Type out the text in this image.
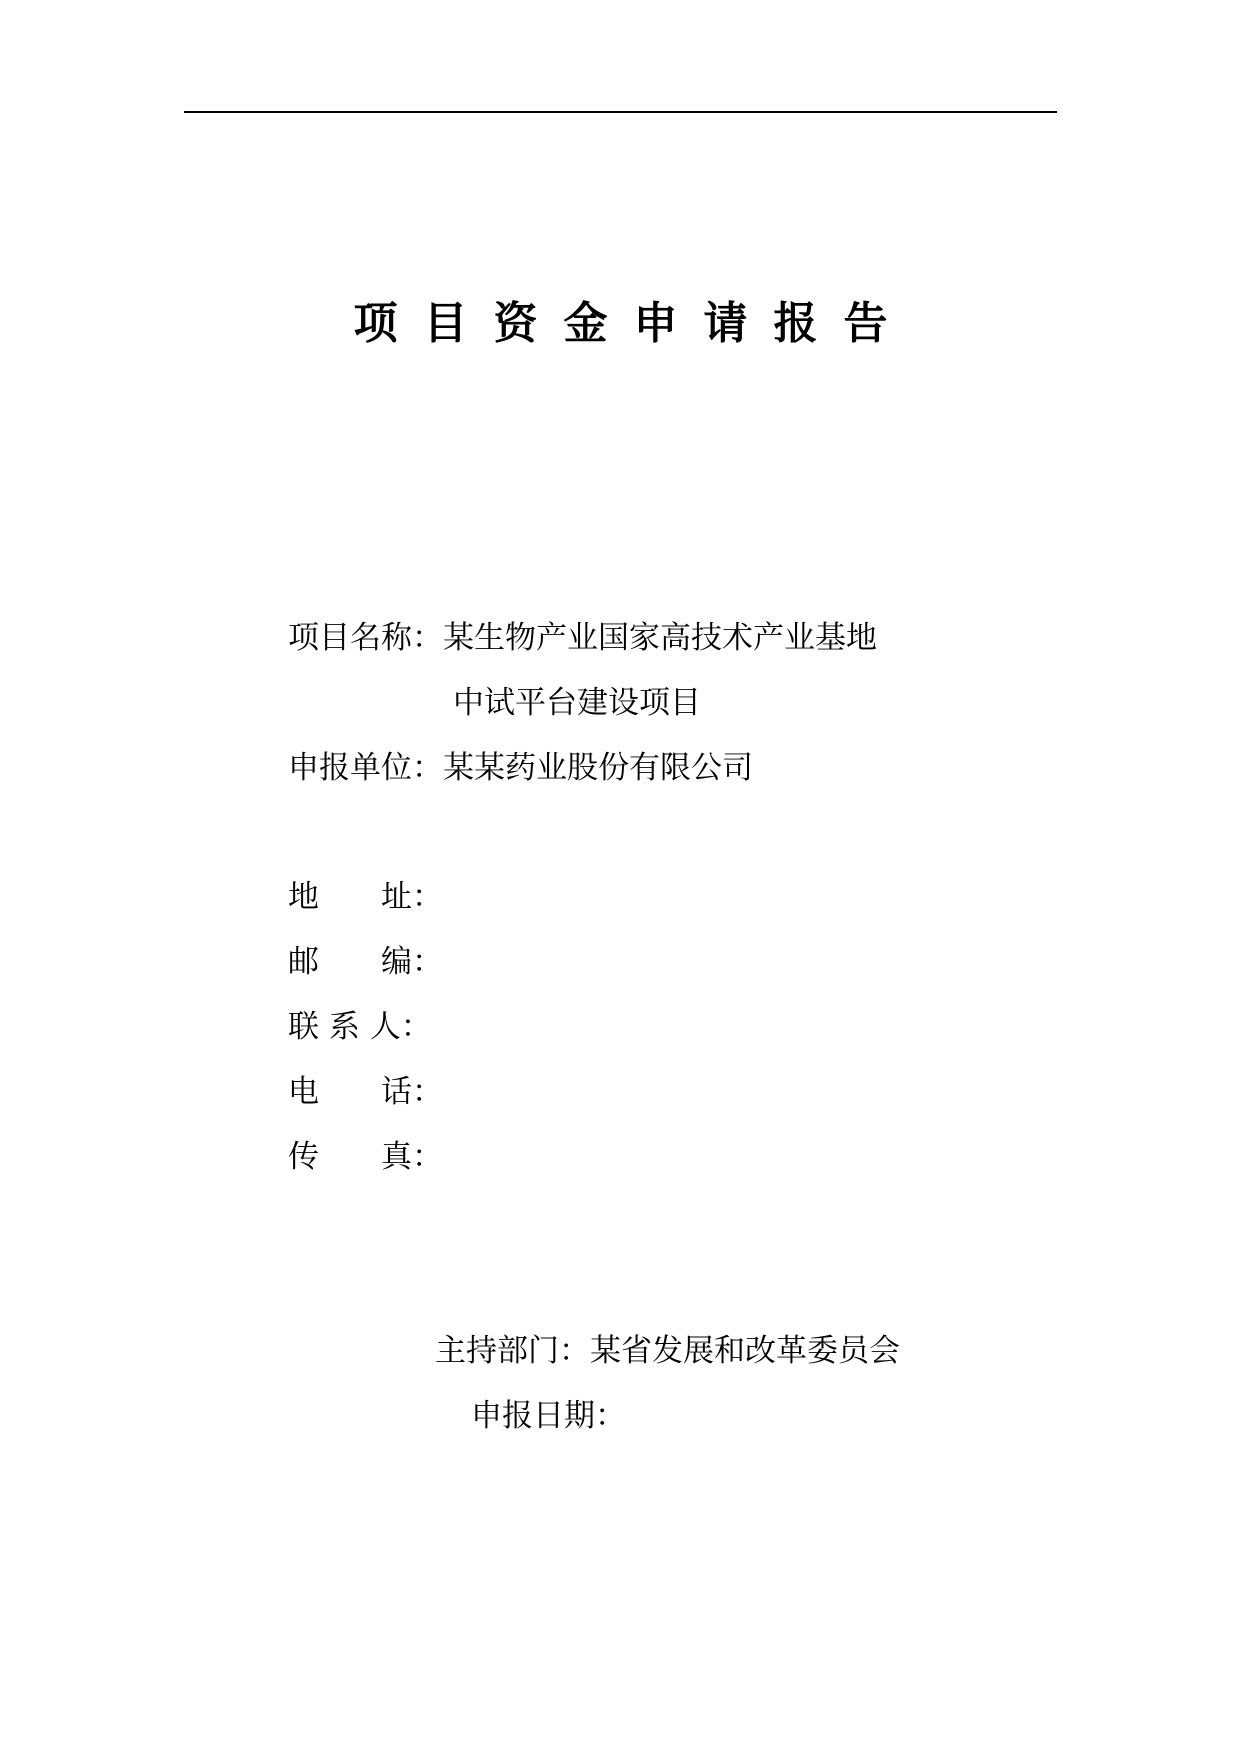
项目资金申请报告
项目名称：某生物产业国家高技术产业基地
中试平台建设项目
申报单位：某某药业股份有限公司
地　　址：
邮　　编：
联 系 人：
电　　话：
传　　真：
主持部门：某省发展和改革委员会
申报日期：
